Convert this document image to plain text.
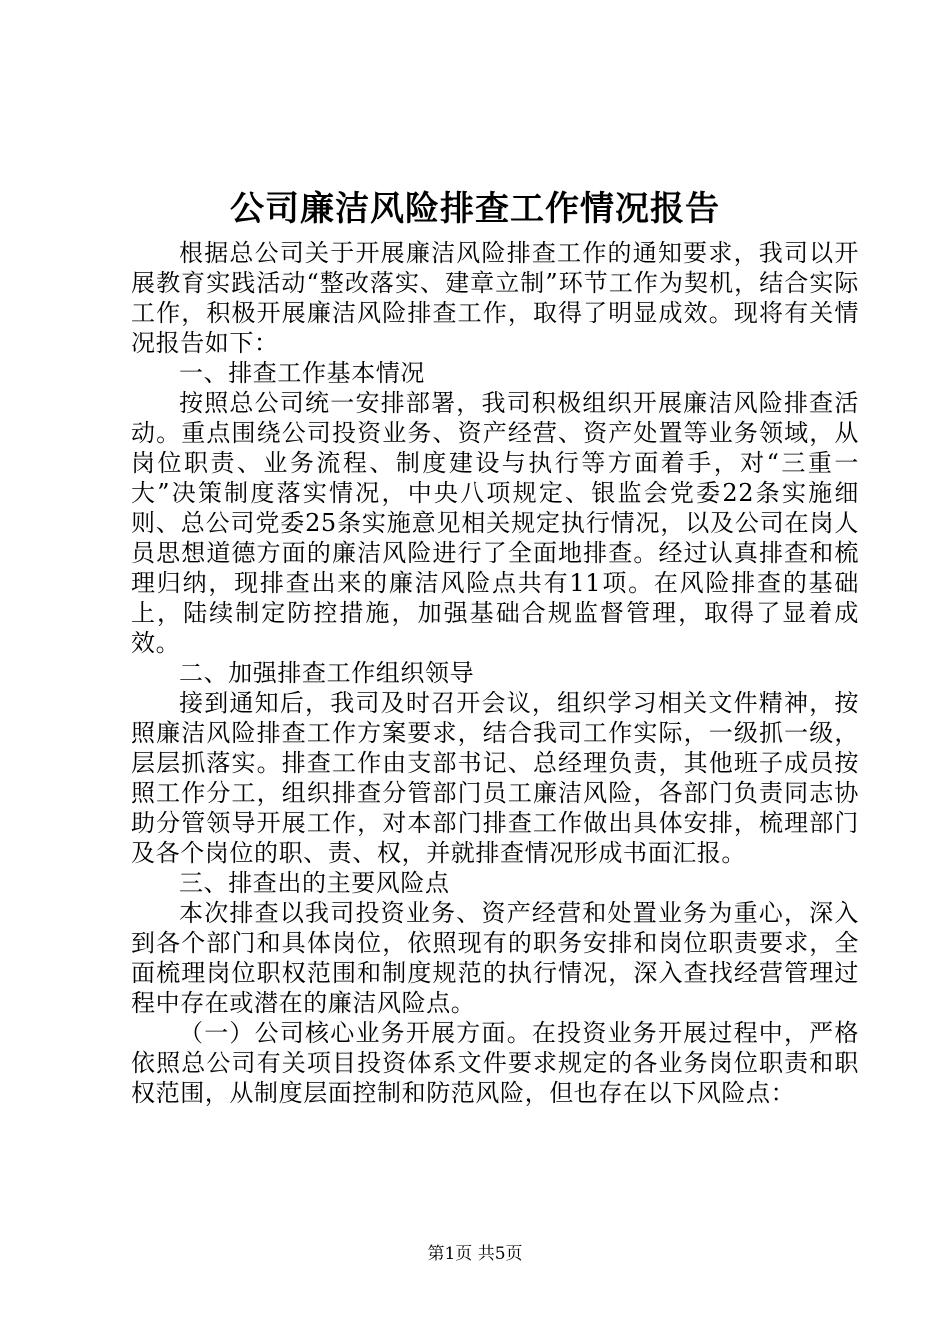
公司廉洁风险排查工作情况报告

根据总公司关于开展廉洁风险排查工作的通知要求，我司以开展教育实践活动“整改落实、建章立制”环节工作为契机，结合实际工作，积极开展廉洁风险排查工作，取得了明显成效。现将有关情况报告如下：

一、排查工作基本情况

按照总公司统一安排部署，我司积极组织开展廉洁风险排查活动。重点围绕公司投资业务、资产经营、资产处置等业务领域，从岗位职责、业务流程、制度建设与执行等方面着手，对“三重一大”决策制度落实情况，中央八项规定、银监会党委22条实施细则、总公司党委25条实施意见相关规定执行情况，以及公司在岗人员思想道德方面的廉洁风险进行了全面地排查。经过认真排查和梳理归纳，现排查出来的廉洁风险点共有11项。在风险排查的基础上，陆续制定防控措施，加强基础合规监督管理，取得了显着成效。

二、加强排查工作组织领导

接到通知后，我司及时召开会议，组织学习相关文件精神，按照廉洁风险排查工作方案要求，结合我司工作实际，一级抓一级，层层抓落实。排查工作由支部书记、总经理负责，其他班子成员按照工作分工，组织排查分管部门员工廉洁风险，各部门负责同志协助分管领导开展工作，对本部门排查工作做出具体安排，梳理部门及各个岗位的职、责、权，并就排查情况形成书面汇报。

三、排查出的主要风险点

本次排查以我司投资业务、资产经营和处置业务为重心，深入到各个部门和具体岗位，依照现有的职务安排和岗位职责要求，全面梳理岗位职权范围和制度规范的执行情况，深入查找经营管理过程中存在或潜在的廉洁风险点。

（一）公司核心业务开展方面。在投资业务开展过程中，严格依照总公司有关项目投资体系文件要求规定的各业务岗位职责和职权范围，从制度层面控制和防范风险，但也存在以下风险点：

第1页 共5页
